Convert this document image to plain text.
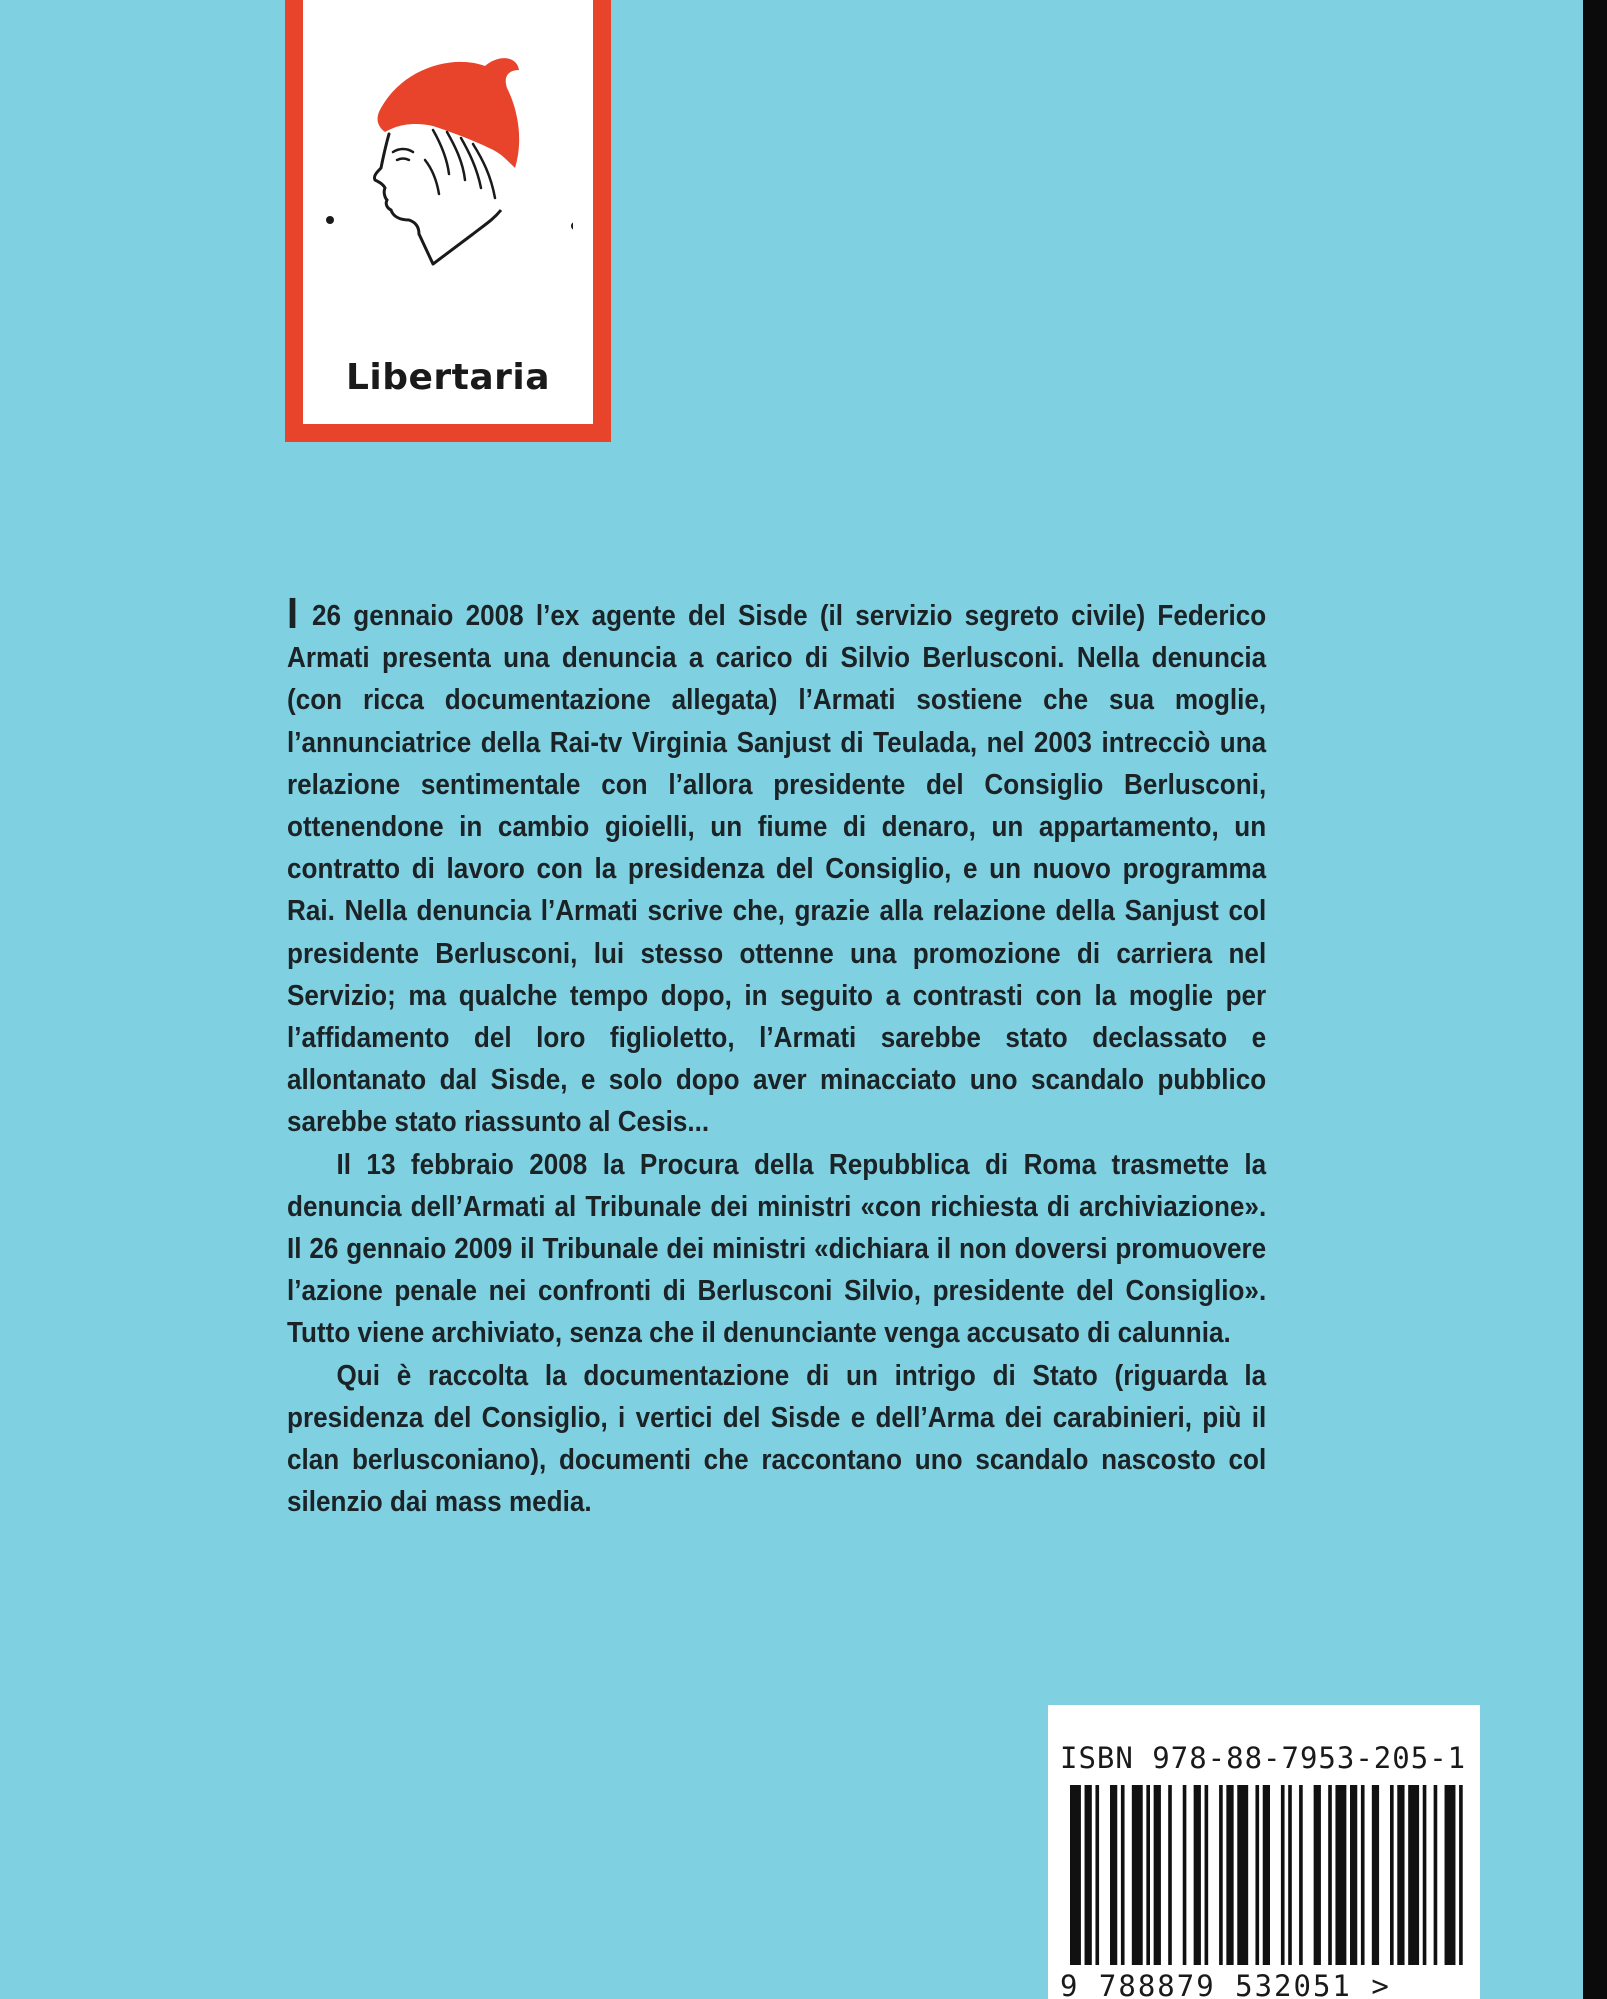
Libertaria

I 26 gennaio 2008 l’ex agente del Sisde (il servizio segreto civile) Federico Armati presenta una denuncia a carico di Silvio Berlusconi. Nella denuncia (con ricca documentazione allegata) l’Armati sostiene che sua moglie, l’annunciatrice della Rai-tv Virginia Sanjust di Teulada, nel 2003 intrecciò una relazione sentimentale con l’allora presidente del Consiglio Berlusconi, ottenendone in cambio gioielli, un fiume di denaro, un appartamento, un contratto di lavoro con la presidenza del Consiglio, e un nuovo programma Rai. Nella denuncia l’Armati scrive che, grazie alla relazione della Sanjust col presidente Berlusconi, lui stesso ottenne una promozione di carriera nel Servizio; ma qualche tempo dopo, in seguito a contrasti con la moglie per l’affidamento del loro figlioletto, l’Armati sarebbe stato declassato e allontanato dal Sisde, e solo dopo aver minacciato uno scandalo pubblico sarebbe stato riassunto al Cesis...

Il 13 febbraio 2008 la Procura della Repubblica di Roma trasmette la denuncia dell’Armati al Tribunale dei ministri «con richiesta di archiviazione». Il 26 gennaio 2009 il Tribunale dei ministri «dichiara il non doversi promuovere l’azione penale nei confronti di Berlusconi Silvio, presidente del Consiglio». Tutto viene archiviato, senza che il denunciante venga accusato di calunnia.

Qui è raccolta la documentazione di un intrigo di Stato (riguarda la presidenza del Consiglio, i vertici del Sisde e dell’Arma dei carabinieri, più il clan berlusconiano), documenti che raccontano uno scandalo nascosto col silenzio dai mass media.

ISBN 978-88-7953-205-1
9 788879 532051 >
